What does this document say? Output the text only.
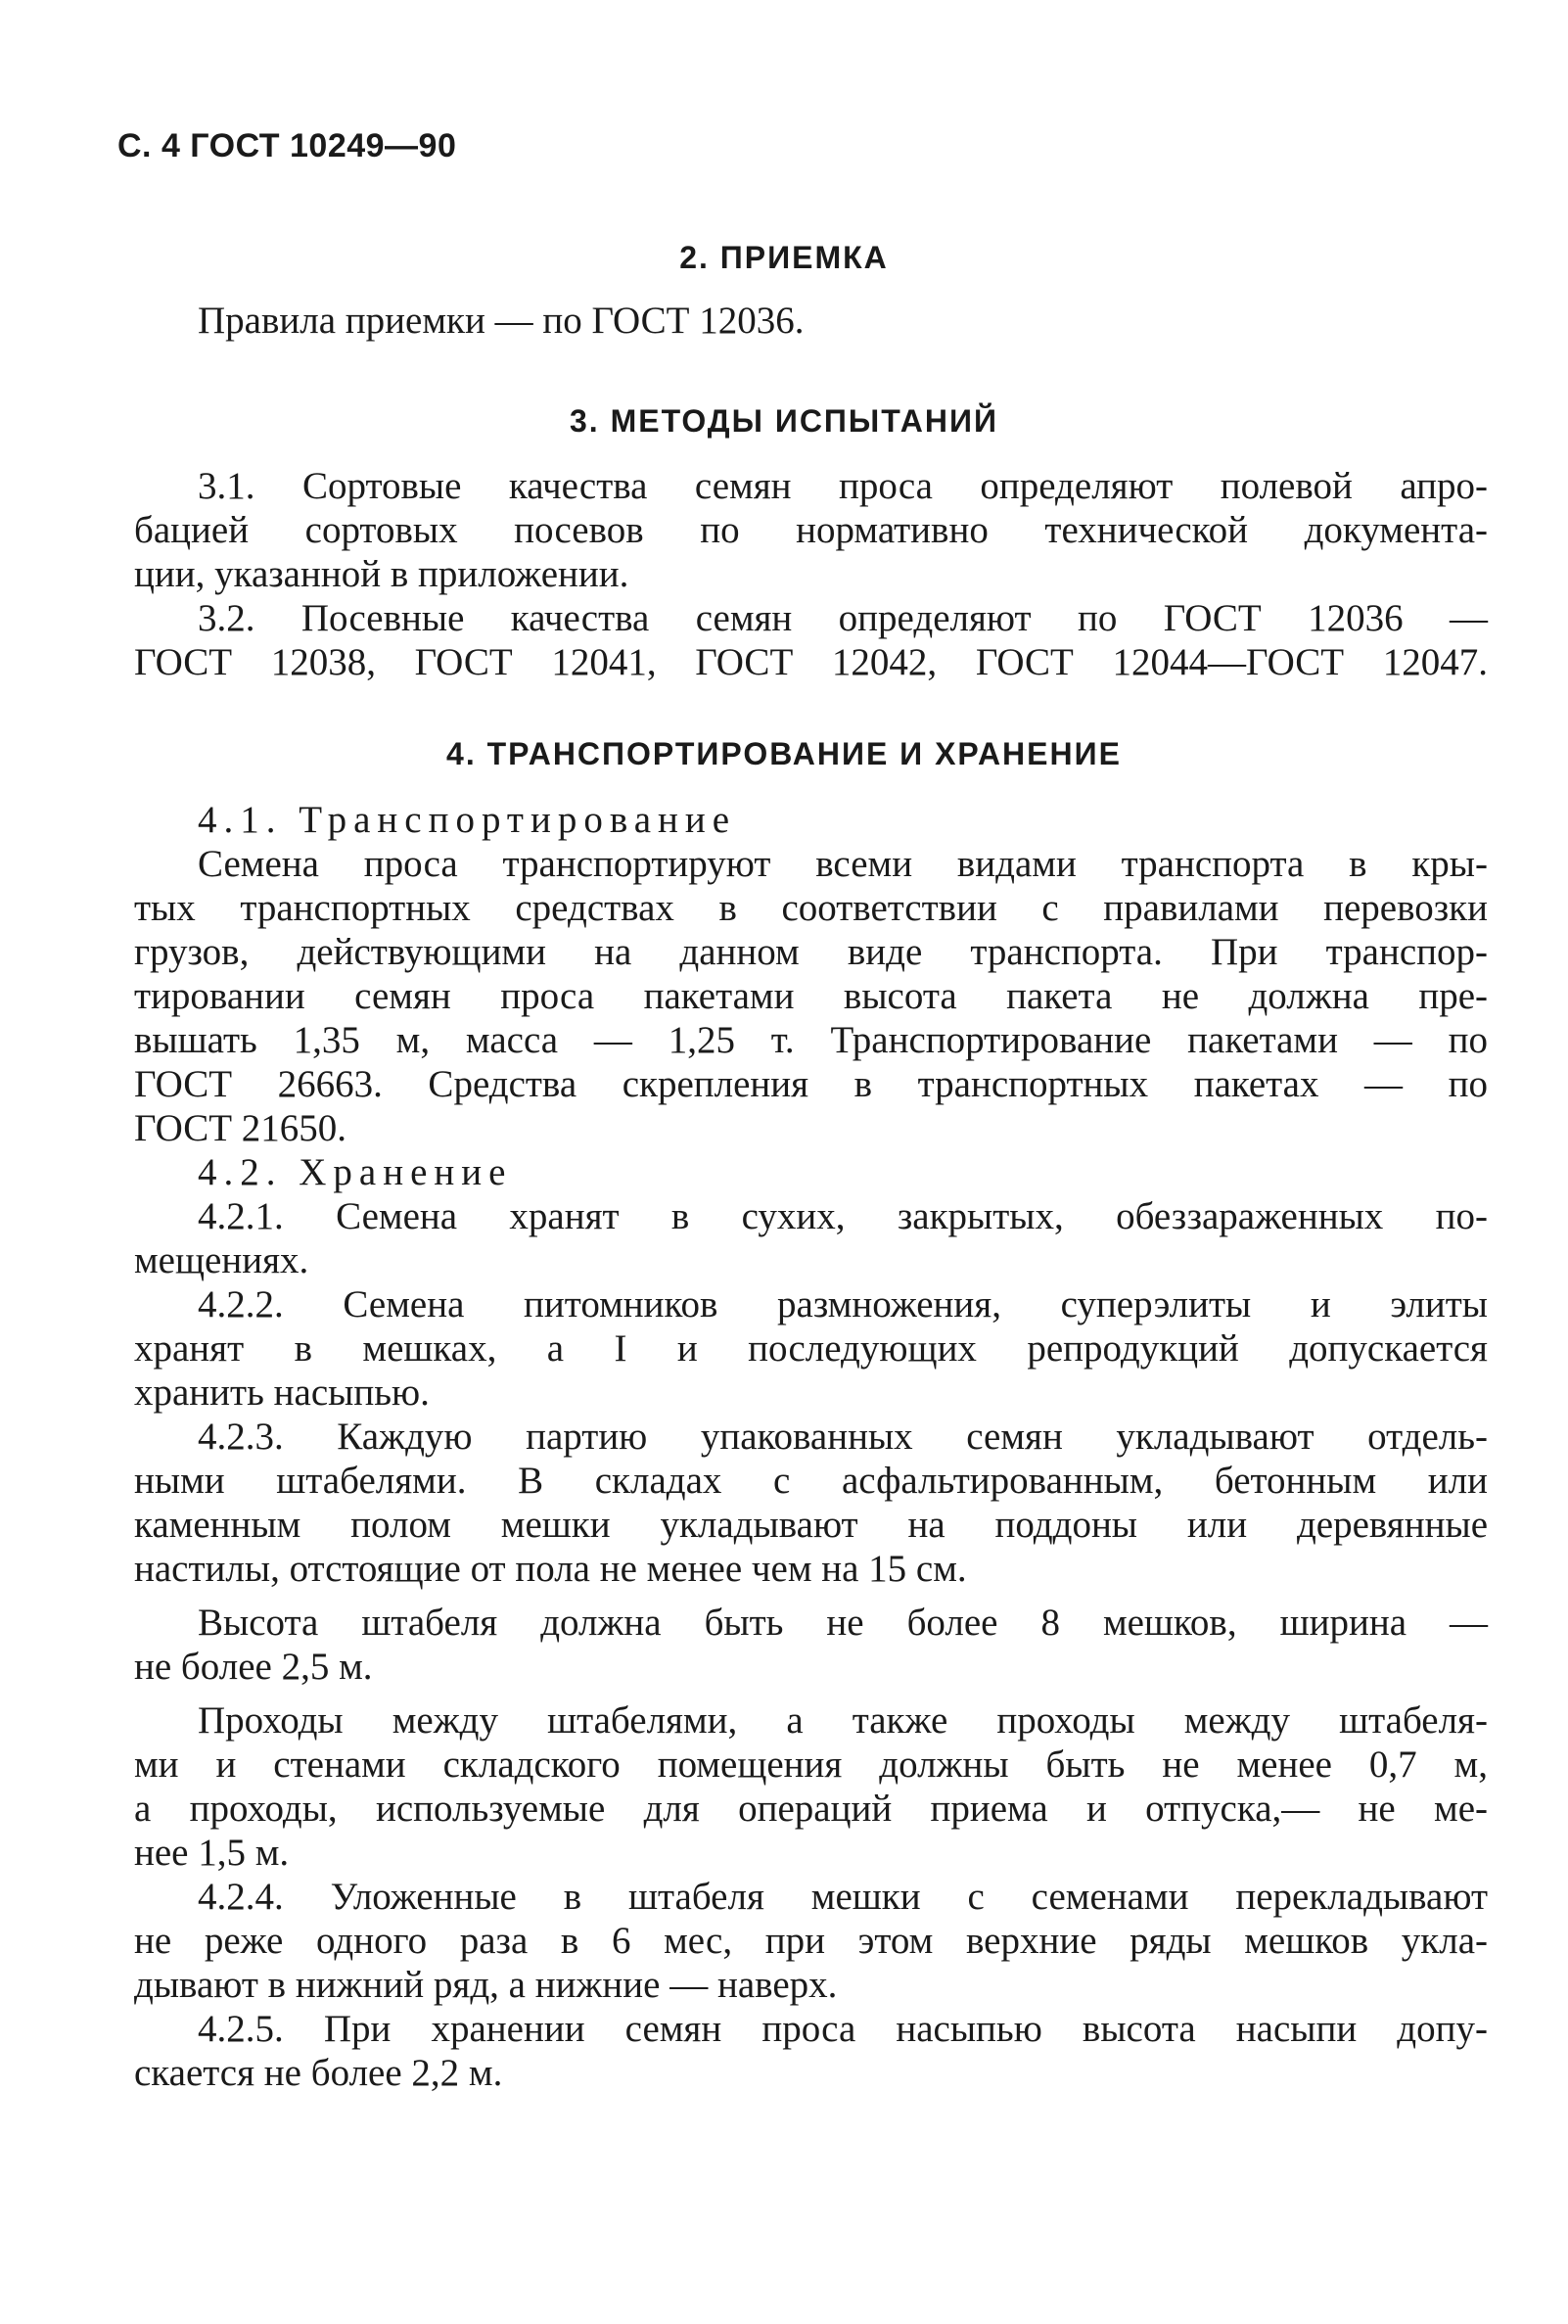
С. 4 ГОСТ 10249—90
2. ПРИЕМКА
Правила приемки — по ГОСТ 12036.
3. МЕТОДЫ ИСПЫТАНИЙ
3.1. Сортовые качества семян проса определяют полевой апро-
бацией сортовых посевов по нормативно технической документа-
ции, указанной в приложении.
3.2. Посевные качества семян определяют по ГОСТ 12036 —
ГОСТ 12038, ГОСТ 12041, ГОСТ 12042, ГОСТ 12044—ГОСТ 12047.
4. ТРАНСПОРТИРОВАНИЕ И ХРАНЕНИЕ
4.1. Транспортирование
Семена проса транспортируют всеми видами транспорта в кры-
тых транспортных средствах в соответствии с правилами перевозки
грузов, действующими на данном виде транспорта. При транспор-
тировании семян проса пакетами высота пакета не должна пре-
вышать 1,35 м, масса — 1,25 т. Транспортирование пакетами — по
ГОСТ 26663. Средства скрепления в транспортных пакетах — по
ГОСТ 21650.
4.2. Хранение
4.2.1. Семена хранят в сухих, закрытых, обеззараженных по-
мещениях.
4.2.2. Семена питомников размножения, суперэлиты и элиты
хранят в мешках, а I и последующих репродукций допускается
хранить насыпью.
4.2.3. Каждую партию упакованных семян укладывают отдель-
ными штабелями. В складах с асфальтированным, бетонным или
каменным полом мешки укладывают на поддоны или деревянные
настилы, отстоящие от пола не менее чем на 15 см.
Высота штабеля должна быть не более 8 мешков, ширина —
не более 2,5 м.
Проходы между штабелями, а также проходы между штабеля-
ми и стенами складского помещения должны быть не менее 0,7 м,
а проходы, используемые для операций приема и отпуска,— не ме-
нее 1,5 м.
4.2.4. Уложенные в штабеля мешки с семенами перекладывают
не реже одного раза в 6 мес, при этом верхние ряды мешков укла-
дывают в нижний ряд, а нижние — наверх.
4.2.5. При хранении семян проса насыпью высота насыпи допу-
скается не более 2,2 м.
